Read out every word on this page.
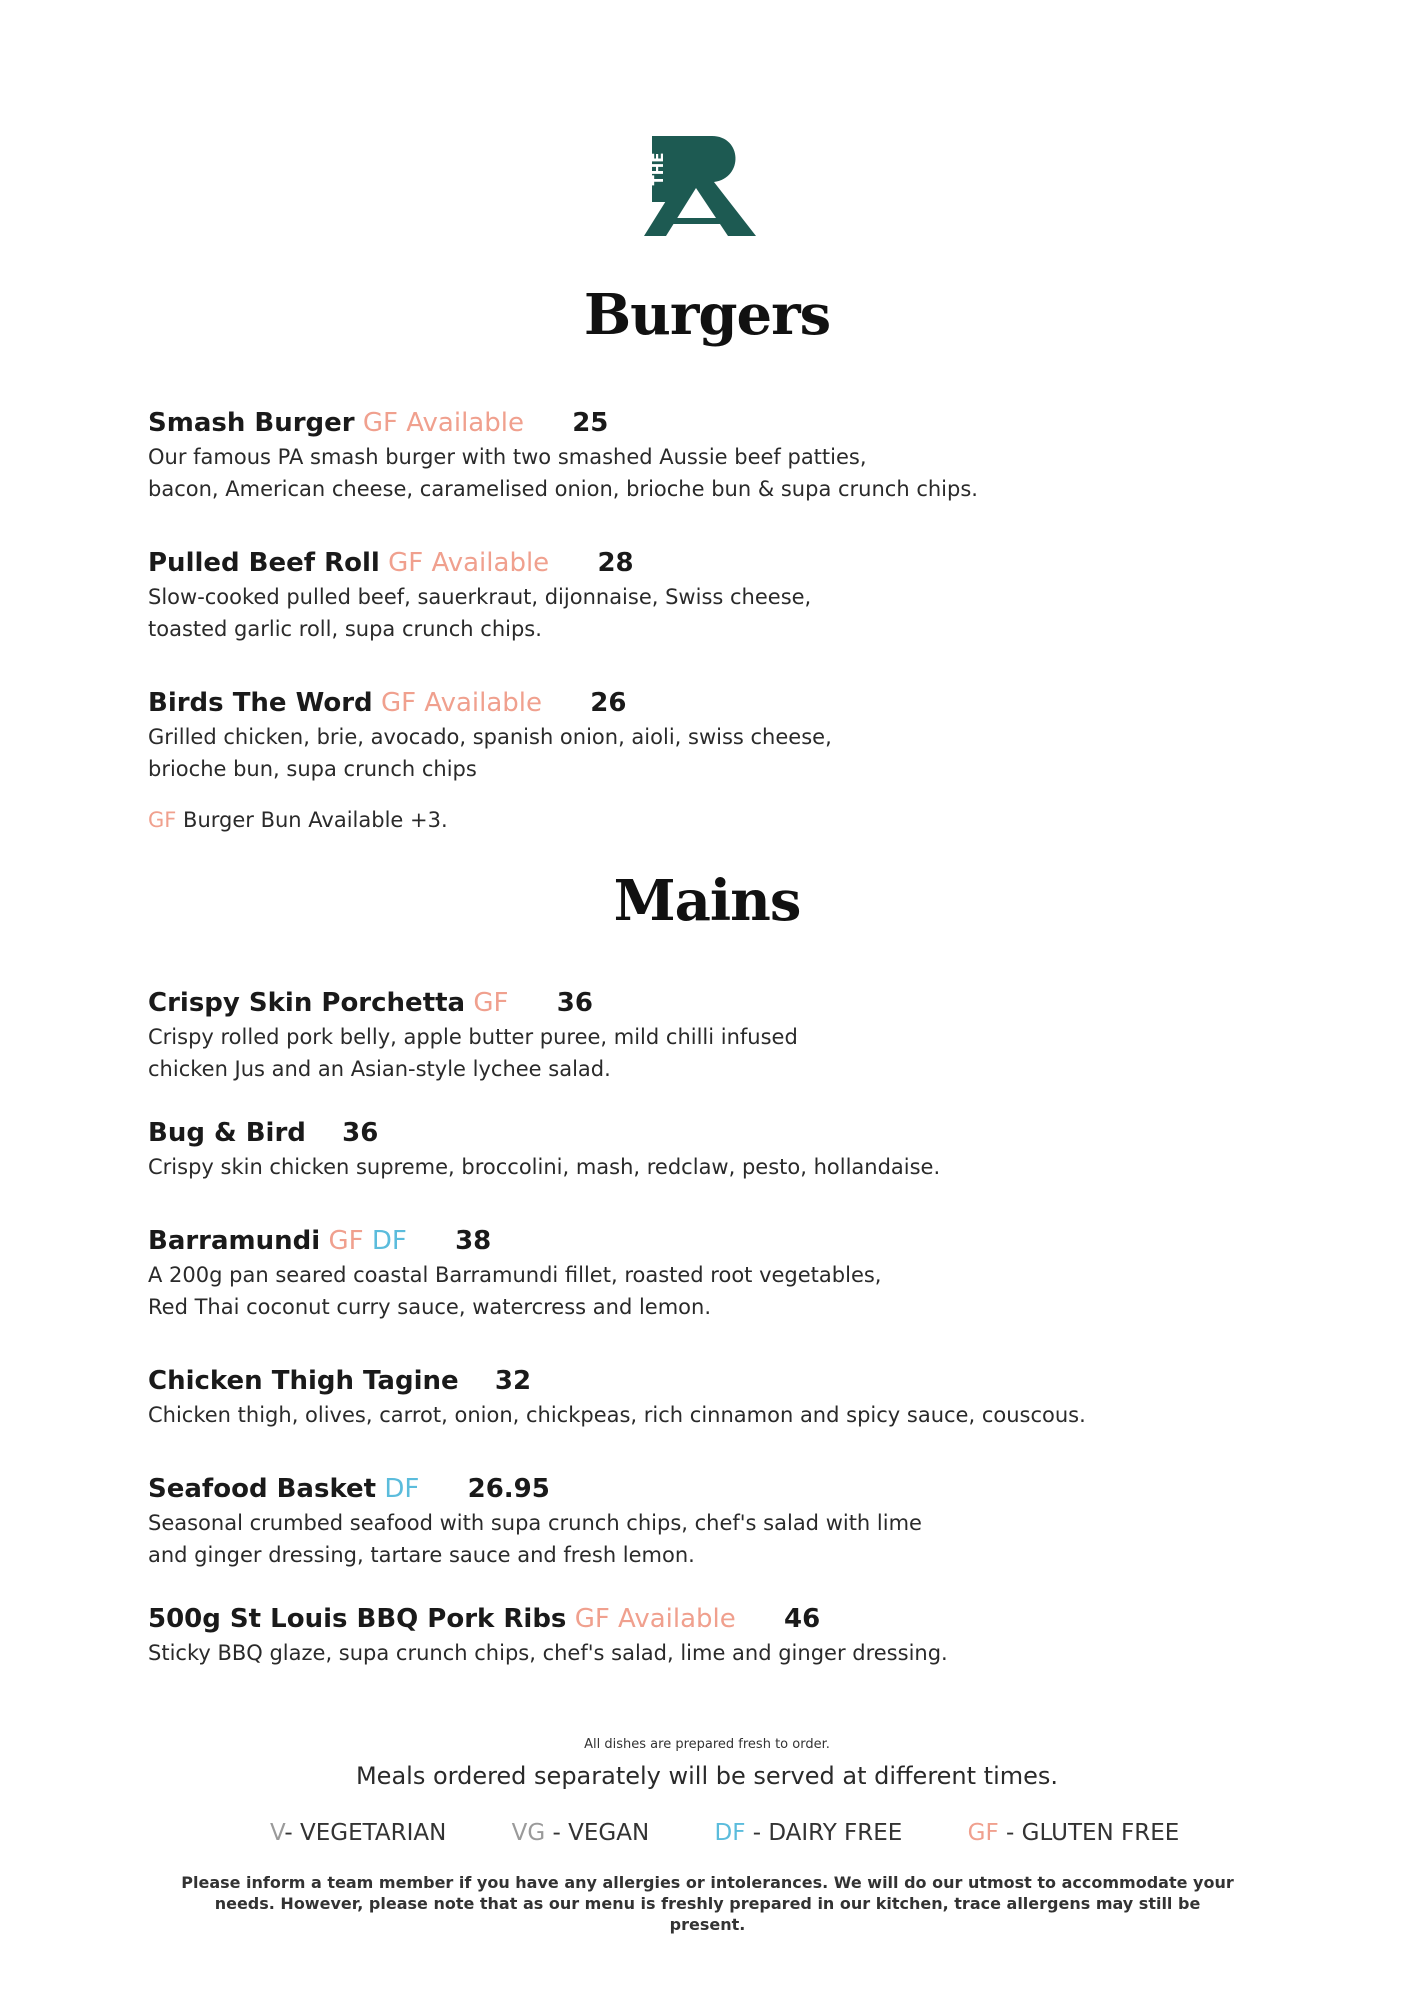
THE
Burgers
Smash Burger GF Available 25
Our famous PA smash burger with two smashed Aussie beef patties,
bacon, American cheese, caramelised onion, brioche bun & supa crunch chips.
Pulled Beef Roll GF Available 28
Slow-cooked pulled beef, sauerkraut, dijonnaise, Swiss cheese,
toasted garlic roll, supa crunch chips.
Birds The Word GF Available 26
Grilled chicken, brie, avocado, spanish onion, aioli, swiss cheese,
brioche bun, supa crunch chips
GF Burger Bun Available +3.
Mains
Crispy Skin Porchetta GF 36
Crispy rolled pork belly, apple butter puree, mild chilli infused
chicken Jus and an Asian-style lychee salad.
Bug & Bird 36
Crispy skin chicken supreme, broccolini, mash, redclaw, pesto, hollandaise.
Barramundi GF DF 38
A 200g pan seared coastal Barramundi fillet, roasted root vegetables,
Red Thai coconut curry sauce, watercress and lemon.
Chicken Thigh Tagine 32
Chicken thigh, olives, carrot, onion, chickpeas, rich cinnamon and spicy sauce, couscous.
Seafood Basket DF 26.95
Seasonal crumbed seafood with supa crunch chips, chef's salad with lime
and ginger dressing, tartare sauce and fresh lemon.
500g St Louis BBQ Pork Ribs GF Available 46
Sticky BBQ glaze, supa crunch chips, chef's salad, lime and ginger dressing.
All dishes are prepared fresh to order.
Meals ordered separately will be served at different times.
V- VEGETARIAN	VG - VEGAN	DF - DAIRY FREE	GF - GLUTEN FREE
Please inform a team member if you have any allergies or intolerances. We will do our utmost to accommodate your
needs. However, please note that as our menu is freshly prepared in our kitchen, trace allergens may still be present.
